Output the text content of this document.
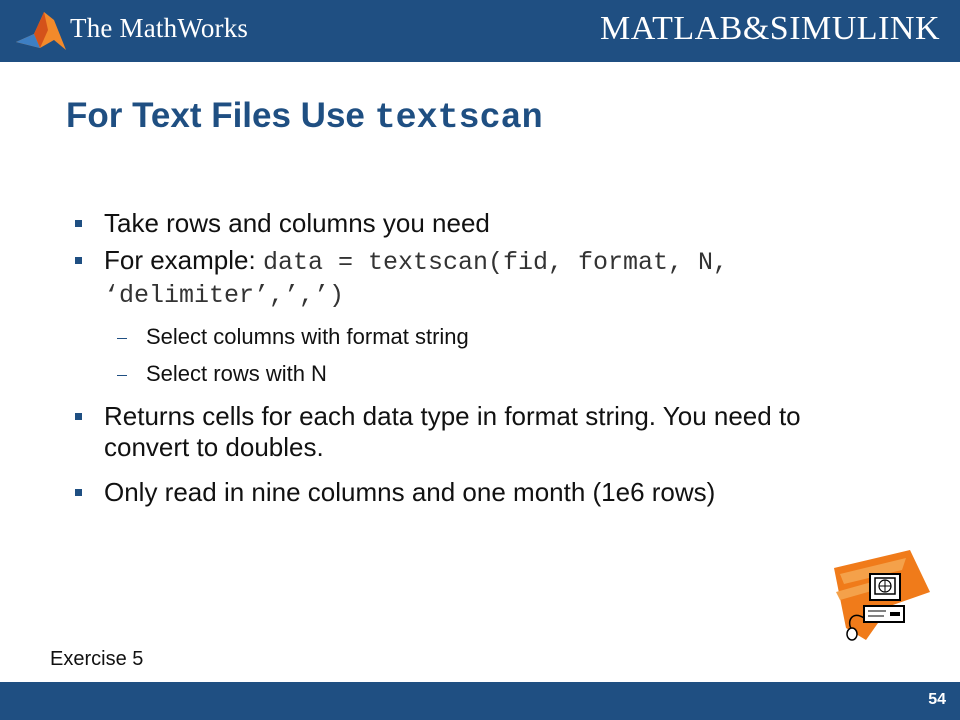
The MathWorks	MATLAB&SIMULINK
For Text Files Use textscan
Take rows and columns you need
For example: data = textscan(fid, format, N, ‘delimiter’,’,’)
Select columns with format string
Select rows with N
Returns cells for each data type in format string. You need to convert to doubles.
Only read in nine columns and one month (1e6 rows)
Exercise 5
54
